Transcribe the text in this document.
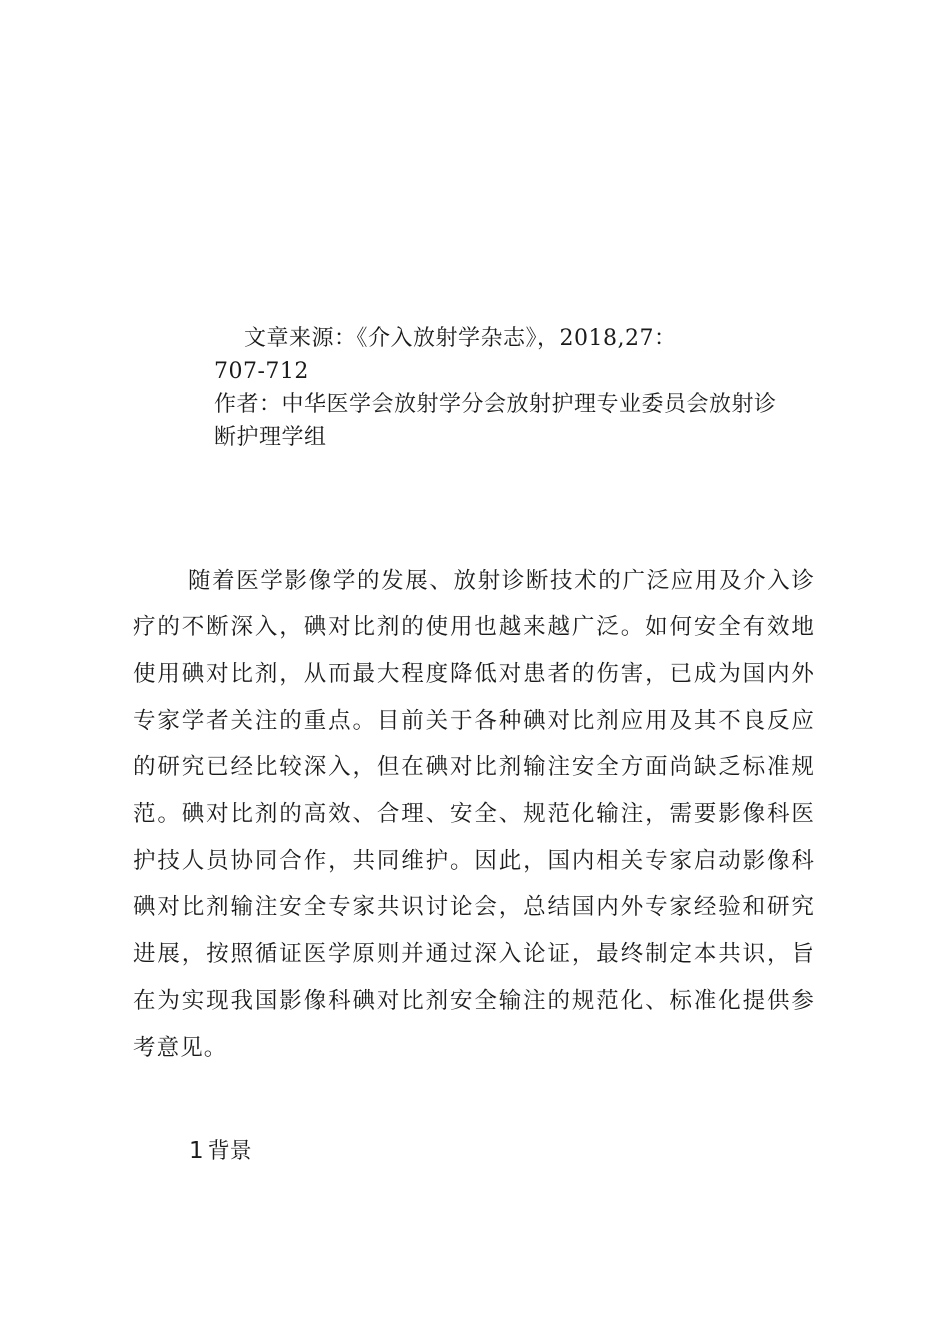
文章来源：《介入放射学杂志》，2018,27：
707-712
作者：中华医学会放射学分会放射护理专业委员会放射诊
断护理学组

随着医学影像学的发展、放射诊断技术的广泛应用及介入诊疗的不断深入，碘对比剂的使用也越来越广泛。如何安全有效地使用碘对比剂，从而最大程度降低对患者的伤害，已成为国内外专家学者关注的重点。目前关于各种碘对比剂应用及其不良反应的研究已经比较深入，但在碘对比剂输注安全方面尚缺乏标准规范。碘对比剂的高效、合理、安全、规范化输注，需要影像科医护技人员协同合作，共同维护。因此，国内相关专家启动影像科碘对比剂输注安全专家共识讨论会，总结国内外专家经验和研究进展，按照循证医学原则并通过深入论证，最终制定本共识，旨在为实现我国影像科碘对比剂安全输注的规范化、标准化提供参考意见。

1 背景
